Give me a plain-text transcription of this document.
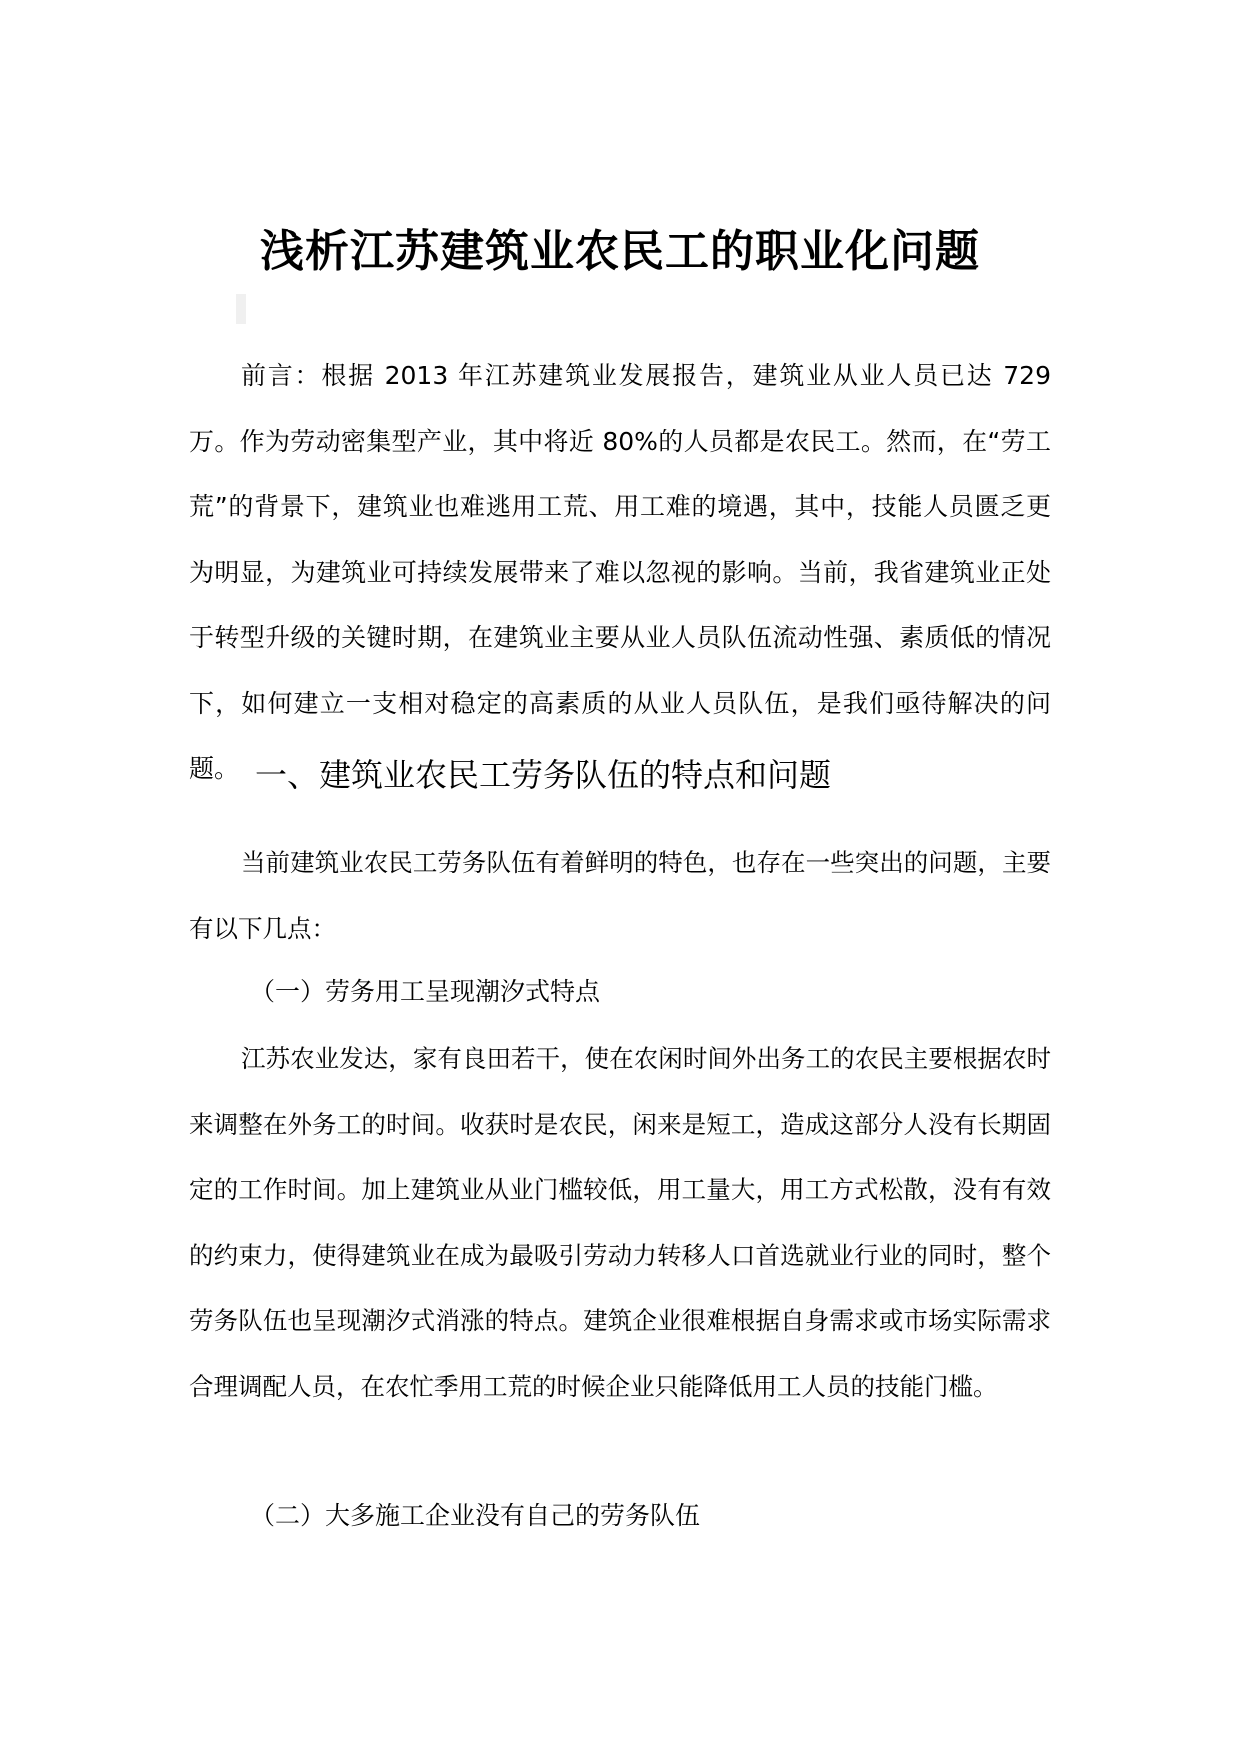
浅析江苏建筑业农民工的职业化问题

前言：根据 2013 年江苏建筑业发展报告，建筑业从业人员已达 729 万。作为劳动密集型产业，其中将近 80%的人员都是农民工。然而，在“劳工荒”的背景下，建筑业也难逃用工荒、用工难的境遇，其中，技能人员匮乏更为明显，为建筑业可持续发展带来了难以忽视的影响。当前，我省建筑业正处于转型升级的关键时期，在建筑业主要从业人员队伍流动性强、素质低的情况下，如何建立一支相对稳定的高素质的从业人员队伍，是我们亟待解决的问题。 一、建筑业农民工劳务队伍的特点和问题

当前建筑业农民工劳务队伍有着鲜明的特色，也存在一些突出的问题，主要有以下几点：

（一）劳务用工呈现潮汐式特点

江苏农业发达，家有良田若干，使在农闲时间外出务工的农民主要根据农时来调整在外务工的时间。收获时是农民，闲来是短工，造成这部分人没有长期固定的工作时间。加上建筑业从业门槛较低，用工量大，用工方式松散，没有有效的约束力，使得建筑业在成为最吸引劳动力转移人口首选就业行业的同时，整个劳务队伍也呈现潮汐式消涨的特点。建筑企业很难根据自身需求或市场实际需求合理调配人员，在农忙季用工荒的时候企业只能降低用工人员的技能门槛。

（二）大多施工企业没有自己的劳务队伍
